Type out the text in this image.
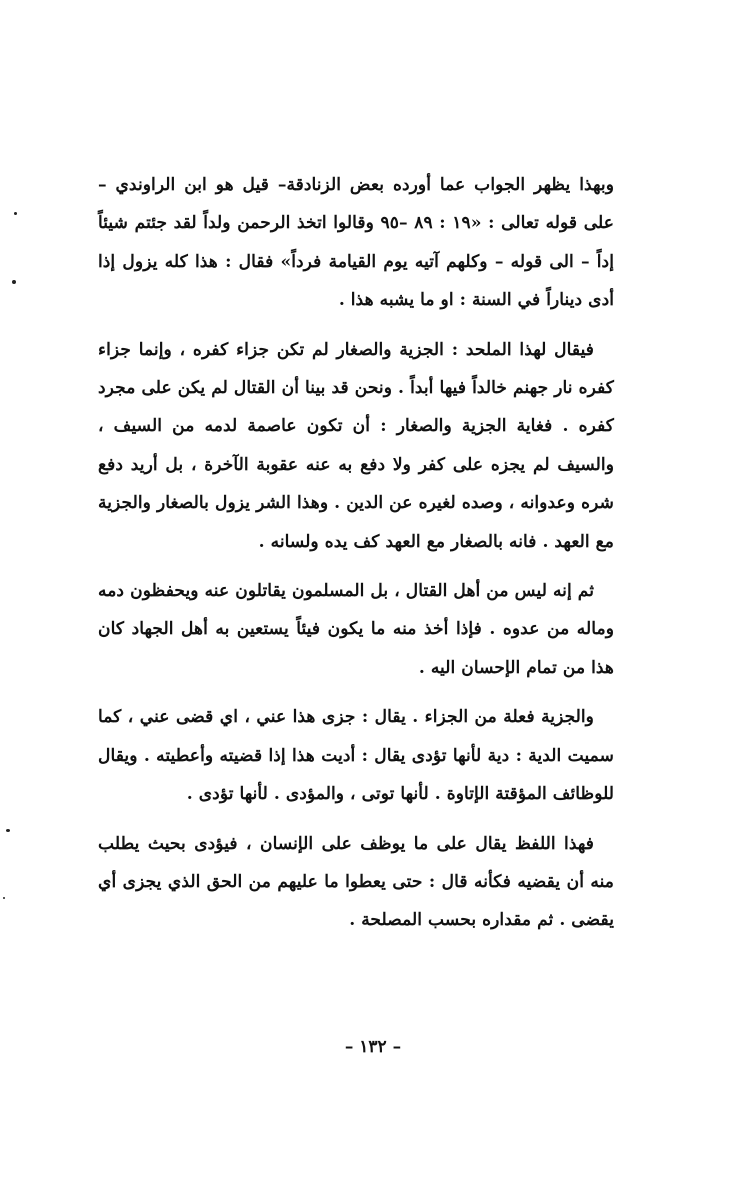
وبهذا يظهر الجواب عما أورده بعض الزنادقة– قيل هو ابن الراوندي – على قوله تعالى : «١٩ : ٨٩ –٩٥ وقالوا اتخذ الرحمن ولداً لقد جئتم شيئاً إداً – الى قوله – وكلهم آتيه يوم القيامة فرداً» فقال : هذا كله يزول إذا أدى ديناراً في السنة : او ما يشبه هذا .

فيقال لهذا الملحد : الجزية والصغار لم تكن جزاء كفره ، وإنما جزاء كفره نار جهنم خالداً فيها أبداً . ونحن قد بينا أن القتال لم يكن على مجرد كفره . فغاية الجزية والصغار : أن تكون عاصمة لدمه من السيف ، والسيف لم يجزه على كفر ولا دفع به عنه عقوبة الآخرة ، بل أريد دفع شره وعدوانه ، وصده لغيره عن الدين . وهذا الشر يزول بالصغار والجزية مع العهد . فانه بالصغار مع العهد كف يده ولسانه .

ثم إنه ليس من أهل القتال ، بل المسلمون يقاتلون عنه ويحفظون دمه وماله من عدوه . فإذا أخذ منه ما يكون فيئاً يستعين به أهل الجهاد كان هذا من تمام الإحسان اليه .

والجزية فعلة من الجزاء . يقال : جزى هذا عني ، اي قضى عني ، كما سميت الدية : دية لأنها تؤدى يقال : أديت هذا إذا قضيته وأعطيته . ويقال للوظائف المؤقتة الإتاوة . لأنها توتى ، والمؤدى . لأنها تؤدى .

فهذا اللفظ يقال على ما يوظف على الإنسان ، فيؤدى بحيث يطلب منه أن يقضيه فكأنه قال : حتى يعطوا ما عليهم من الحق الذي يجزى أي يقضى . ثم مقداره بحسب المصلحة .

– ١٣٢ –
